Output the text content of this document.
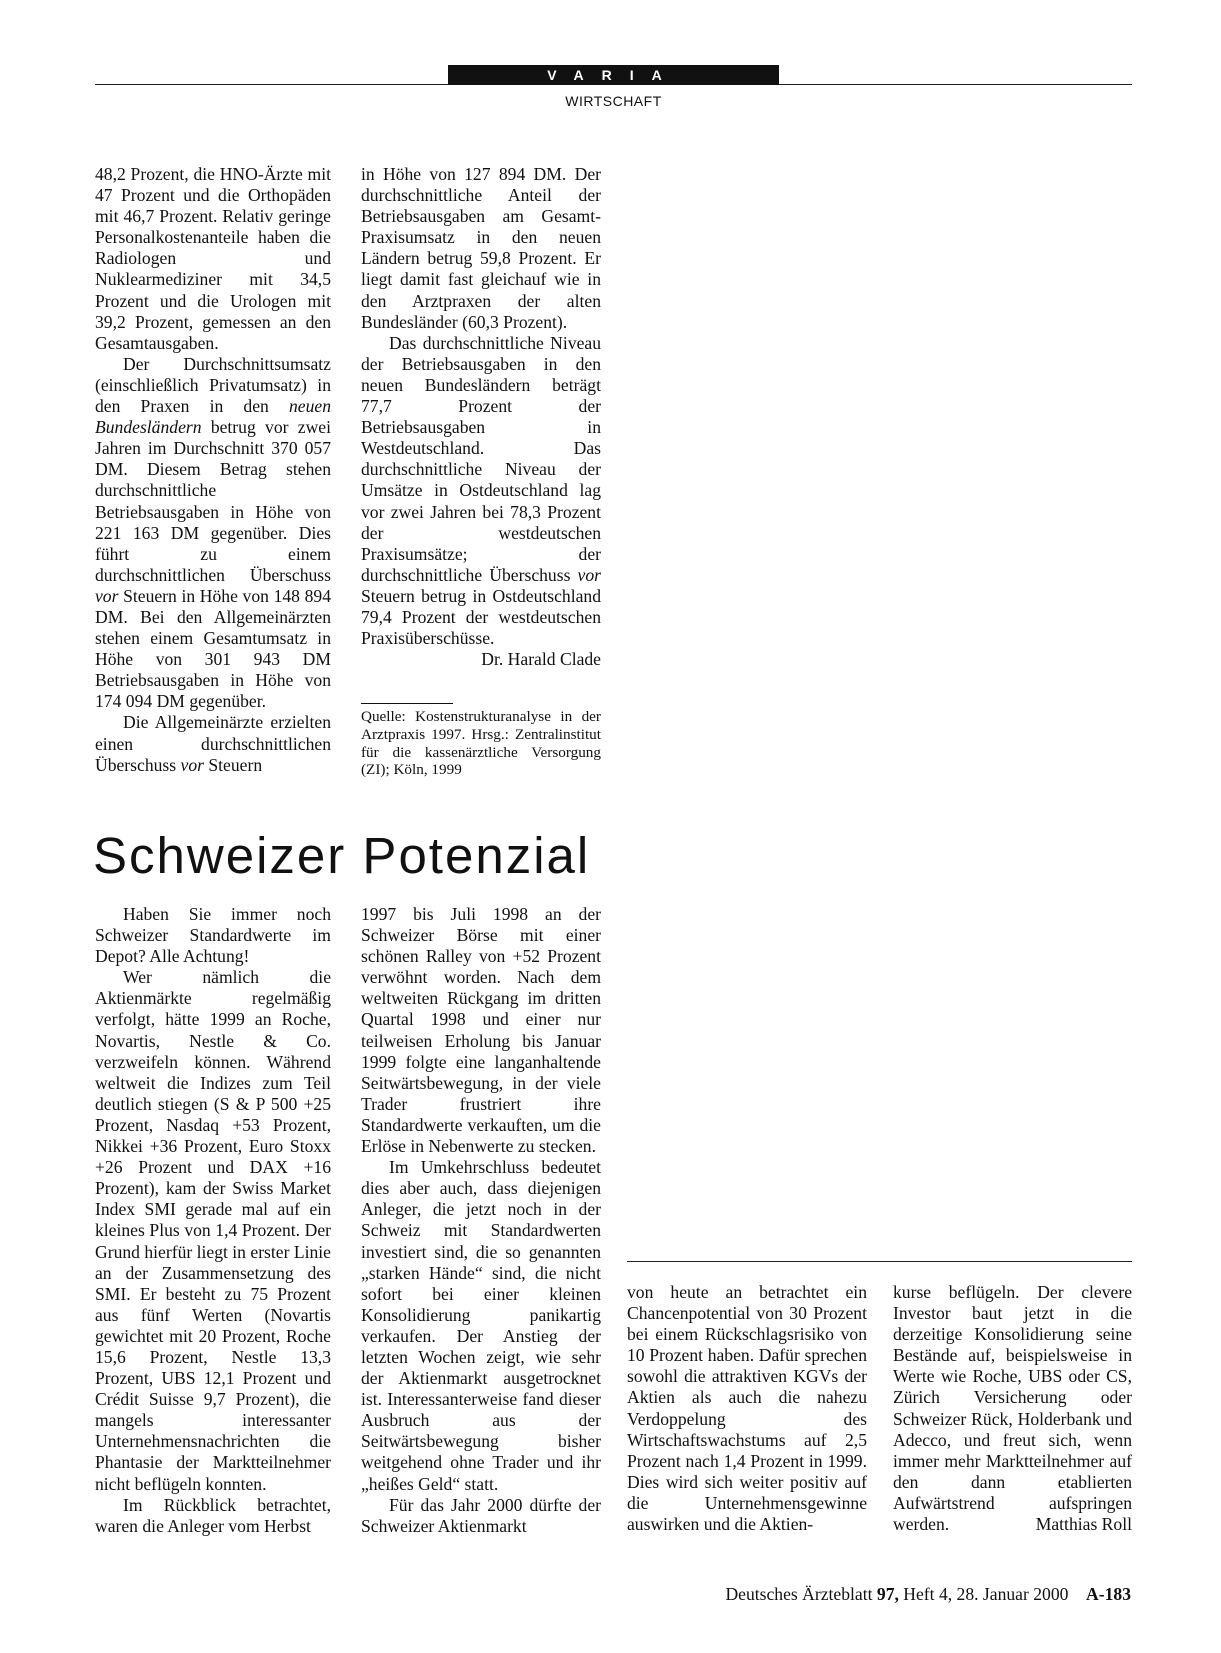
VARIA
WIRTSCHAFT

48,2 Prozent, die HNO-Ärzte mit 47 Prozent und die Orthopäden mit 46,7 Prozent. Relativ geringe Personalkostenanteile haben die Radiologen und Nuklearmediziner mit 34,5 Prozent und die Urologen mit 39,2 Prozent, gemessen an den Gesamtausgaben.

Der Durchschnittsumsatz (einschließlich Privatumsatz) in den Praxen in den neuen Bundesländern betrug vor zwei Jahren im Durchschnitt 370 057 DM. Diesem Betrag stehen durchschnittliche Betriebsausgaben in Höhe von 221 163 DM gegenüber. Dies führt zu einem durchschnittlichen Überschuss vor Steuern in Höhe von 148 894 DM. Bei den Allgemeinärzten stehen einem Gesamtumsatz in Höhe von 301 943 DM Betriebsausgaben in Höhe von 174 094 DM gegenüber.

Die Allgemeinärzte erzielten einen durchschnittlichen Überschuss vor Steuern

in Höhe von 127 894 DM. Der durchschnittliche Anteil der Betriebsausgaben am Gesamt-Praxisumsatz in den neuen Ländern betrug 59,8 Prozent. Er liegt damit fast gleichauf wie in den Arztpraxen der alten Bundesländer (60,3 Prozent).

Das durchschnittliche Niveau der Betriebsausgaben in den neuen Bundesländern beträgt 77,7 Prozent der Betriebsausgaben in Westdeutschland. Das durchschnittliche Niveau der Umsätze in Ostdeutschland lag vor zwei Jahren bei 78,3 Prozent der westdeutschen Praxisumsätze; der durchschnittliche Überschuss vor Steuern betrug in Ostdeutschland 79,4 Prozent der westdeutschen Praxisüberschüsse.
Dr. Harald Clade

Quelle: Kostenstrukturanalyse in der Arztpraxis 1997. Hrsg.: Zentralinstitut für die kassenärztliche Versorgung (ZI); Köln, 1999
Schweizer Potenzial

Haben Sie immer noch Schweizer Standardwerte im Depot? Alle Achtung!

Wer nämlich die Aktienmärkte regelmäßig verfolgt, hätte 1999 an Roche, Novartis, Nestle & Co. verzweifeln können. Während weltweit die Indizes zum Teil deutlich stiegen (S & P 500 +25 Prozent, Nasdaq +53 Prozent, Nikkei +36 Prozent, Euro Stoxx +26 Prozent und DAX +16 Prozent), kam der Swiss Market Index SMI gerade mal auf ein kleines Plus von 1,4 Prozent. Der Grund hierfür liegt in erster Linie an der Zusammensetzung des SMI. Er besteht zu 75 Prozent aus fünf Werten (Novartis gewichtet mit 20 Prozent, Roche 15,6 Prozent, Nestle 13,3 Prozent, UBS 12,1 Prozent und Crédit Suisse 9,7 Prozent), die mangels interessanter Unternehmensnachrichten die Phantasie der Marktteilnehmer nicht beflügeln konnten.

Im Rückblick betrachtet, waren die Anleger vom Herbst

1997 bis Juli 1998 an der Schweizer Börse mit einer schönen Ralley von +52 Prozent verwöhnt worden. Nach dem weltweiten Rückgang im dritten Quartal 1998 und einer nur teilweisen Erholung bis Januar 1999 folgte eine langanhaltende Seitwärtsbewegung, in der viele Trader frustriert ihre Standardwerte verkauften, um die Erlöse in Nebenwerte zu stecken.

Im Umkehrschluss bedeutet dies aber auch, dass diejenigen Anleger, die jetzt noch in der Schweiz mit Standardwerten investiert sind, die so genannten „starken Hände“ sind, die nicht sofort bei einer kleinen Konsolidierung panikartig verkaufen. Der Anstieg der letzten Wochen zeigt, wie sehr der Aktienmarkt ausgetrocknet ist. Interessanterweise fand dieser Ausbruch aus der Seitwärtsbewegung bisher weitgehend ohne Trader und ihr „heißes Geld“ statt.

Für das Jahr 2000 dürfte der Schweizer Aktienmarkt

von heute an betrachtet ein Chancenpotential von 30 Prozent bei einem Rückschlagsrisiko von 10 Prozent haben. Dafür sprechen sowohl die attraktiven KGVs der Aktien als auch die nahezu Verdoppelung des Wirtschaftswachstums auf 2,5 Prozent nach 1,4 Prozent in 1999. Dies wird sich weiter positiv auf die Unternehmensgewinne auswirken und die Aktien-

kurse beflügeln. Der clevere Investor baut jetzt in die derzeitige Konsolidierung seine Bestände auf, beispielsweise in Werte wie Roche, UBS oder CS, Zürich Versicherung oder Schweizer Rück, Holderbank und Adecco, und freut sich, wenn immer mehr Marktteilnehmer auf den dann etablierten Aufwärtstrend aufspringen werden.	Matthias Roll

Deutsches Ärzteblatt 97, Heft 4, 28. Januar 2000 A-183
